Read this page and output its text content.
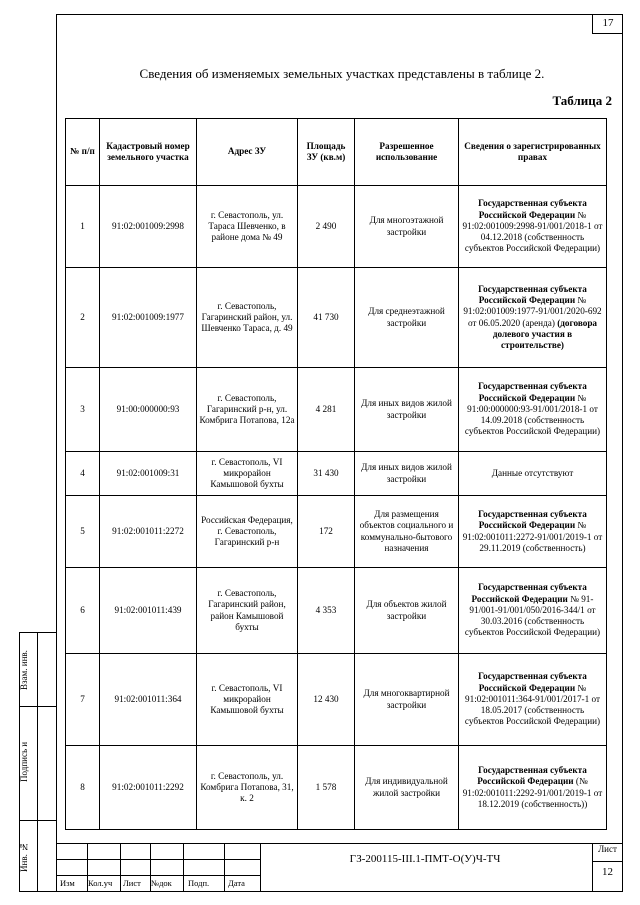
17
Сведения об изменяемых земельных участках представлены в таблице 2.
Таблица 2
№ п/п	Кадастровый номер земельного участка	Адрес ЗУ	Площадь ЗУ (кв.м)	Разрешенное использование	Сведения о зарегистрированных правах
1	91:02:001009:2998	г. Севастополь, ул. Тараса Шевченко, в районе дома № 49	2 490	Для многоэтажной застройки	Государственная субъекта Российской Федерации № 91:02:001009:2998-91/001/2018-1 от 04.12.2018 (собственность субъектов Российской Федерации)
2	91:02:001009:1977	г. Севастополь, Гагаринский район, ул. Шевченко Тараса, д. 49	41 730	Для среднеэтажной застройки	Государственная субъекта Российской Федерации № 91:02:001009:1977-91/001/2020-692 от 06.05.2020 (аренда) (договора долевого участия в строительстве)
3	91:00:000000:93	г. Севастополь, Гагаринский р-н, ул. Комбрига Потапова, 12а	4 281	Для иных видов жилой застройки	Государственная субъекта Российской Федерации № 91:00:000000:93-91/001/2018-1 от 14.09.2018 (собственность субъектов Российской Федерации)
4	91:02:001009:31	г. Севастополь, VI микрорайон Камышовой бухты	31 430	Для иных видов жилой застройки	Данные отсутствуют
5	91:02:001011:2272	Российская Федерация, г. Севастополь, Гагаринский р-н	172	Для размещения объектов социального и коммунально-бытового назначения	Государственная субъекта Российской Федерации № 91:02:001011:2272-91/001/2019-1 от 29.11.2019 (собственность)
6	91:02:001011:439	г. Севастополь, Гагаринский район, район Камышовой бухты	4 353	Для объектов жилой застройки	Государственная субъекта Российской Федерации № 91-91/001-91/001/050/2016-344/1 от 30.03.2016 (собственность субъектов Российской Федерации)
7	91:02:001011:364	г. Севастополь, VI микрорайон Камышовой бухты	12 430	Для многоквартирной застройки	Государственная субъекта Российской Федерации № 91:02:001011:364-91/001/2017-1 от 18.05.2017 (собственность субъектов Российской Федерации)
8	91:02:001011:2292	г. Севастополь, ул. Комбрига Потапова, 31, к. 2	1 578	Для индивидуальной жилой застройки	Государственная субъекта Российской Федерации (№ 91:02:001011:2292-91/001/2019-1 от 18.12.2019 (собственность))
Взам. инв.
Подпись и
Инв. №
Изм Кол.уч Лист №док Подп. Дата
ГЗ-200115-III.1-ПМТ-О(У)Ч-ТЧ
Лист
12
